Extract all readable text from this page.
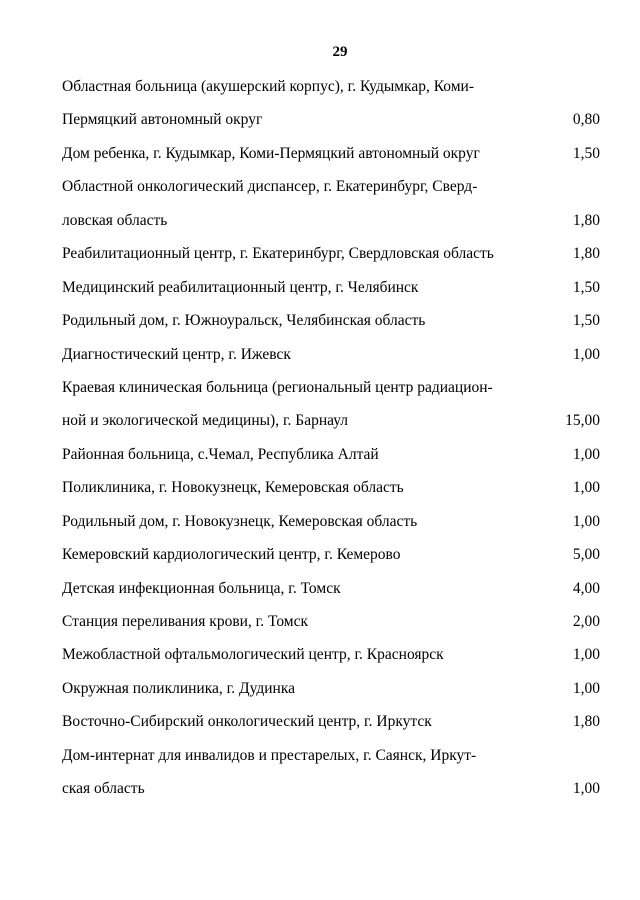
29
Областная больница (акушерский корпус), г. Кудымкар, Коми-
Пермяцкий автономный округ	0,80
Дом ребенка, г. Кудымкар, Коми-Пермяцкий автономный округ	1,50
Областной онкологический диспансер, г. Екатеринбург, Сверд-
ловская область	1,80
Реабилитационный центр, г. Екатеринбург, Свердловская область	1,80
Медицинский реабилитационный центр, г. Челябинск	1,50
Родильный дом, г. Южноуральск, Челябинская область	1,50
Диагностический центр, г. Ижевск	1,00
Краевая клиническая больница (региональный центр радиацион-
ной и экологической медицины), г. Барнаул	15,00
Районная больница, с.Чемал, Республика Алтай	1,00
Поликлиника, г. Новокузнецк, Кемеровская область	1,00
Родильный дом, г. Новокузнецк, Кемеровская область	1,00
Кемеровский кардиологический центр, г. Кемерово	5,00
Детская инфекционная больница, г. Томск	4,00
Станция переливания крови, г. Томск	2,00
Межобластной офтальмологический центр, г. Красноярск	1,00
Окружная поликлиника, г. Дудинка	1,00
Восточно-Сибирский онкологический центр, г. Иркутск	1,80
Дом-интернат для инвалидов и престарелых, г. Саянск, Иркут-
ская область	1,00
